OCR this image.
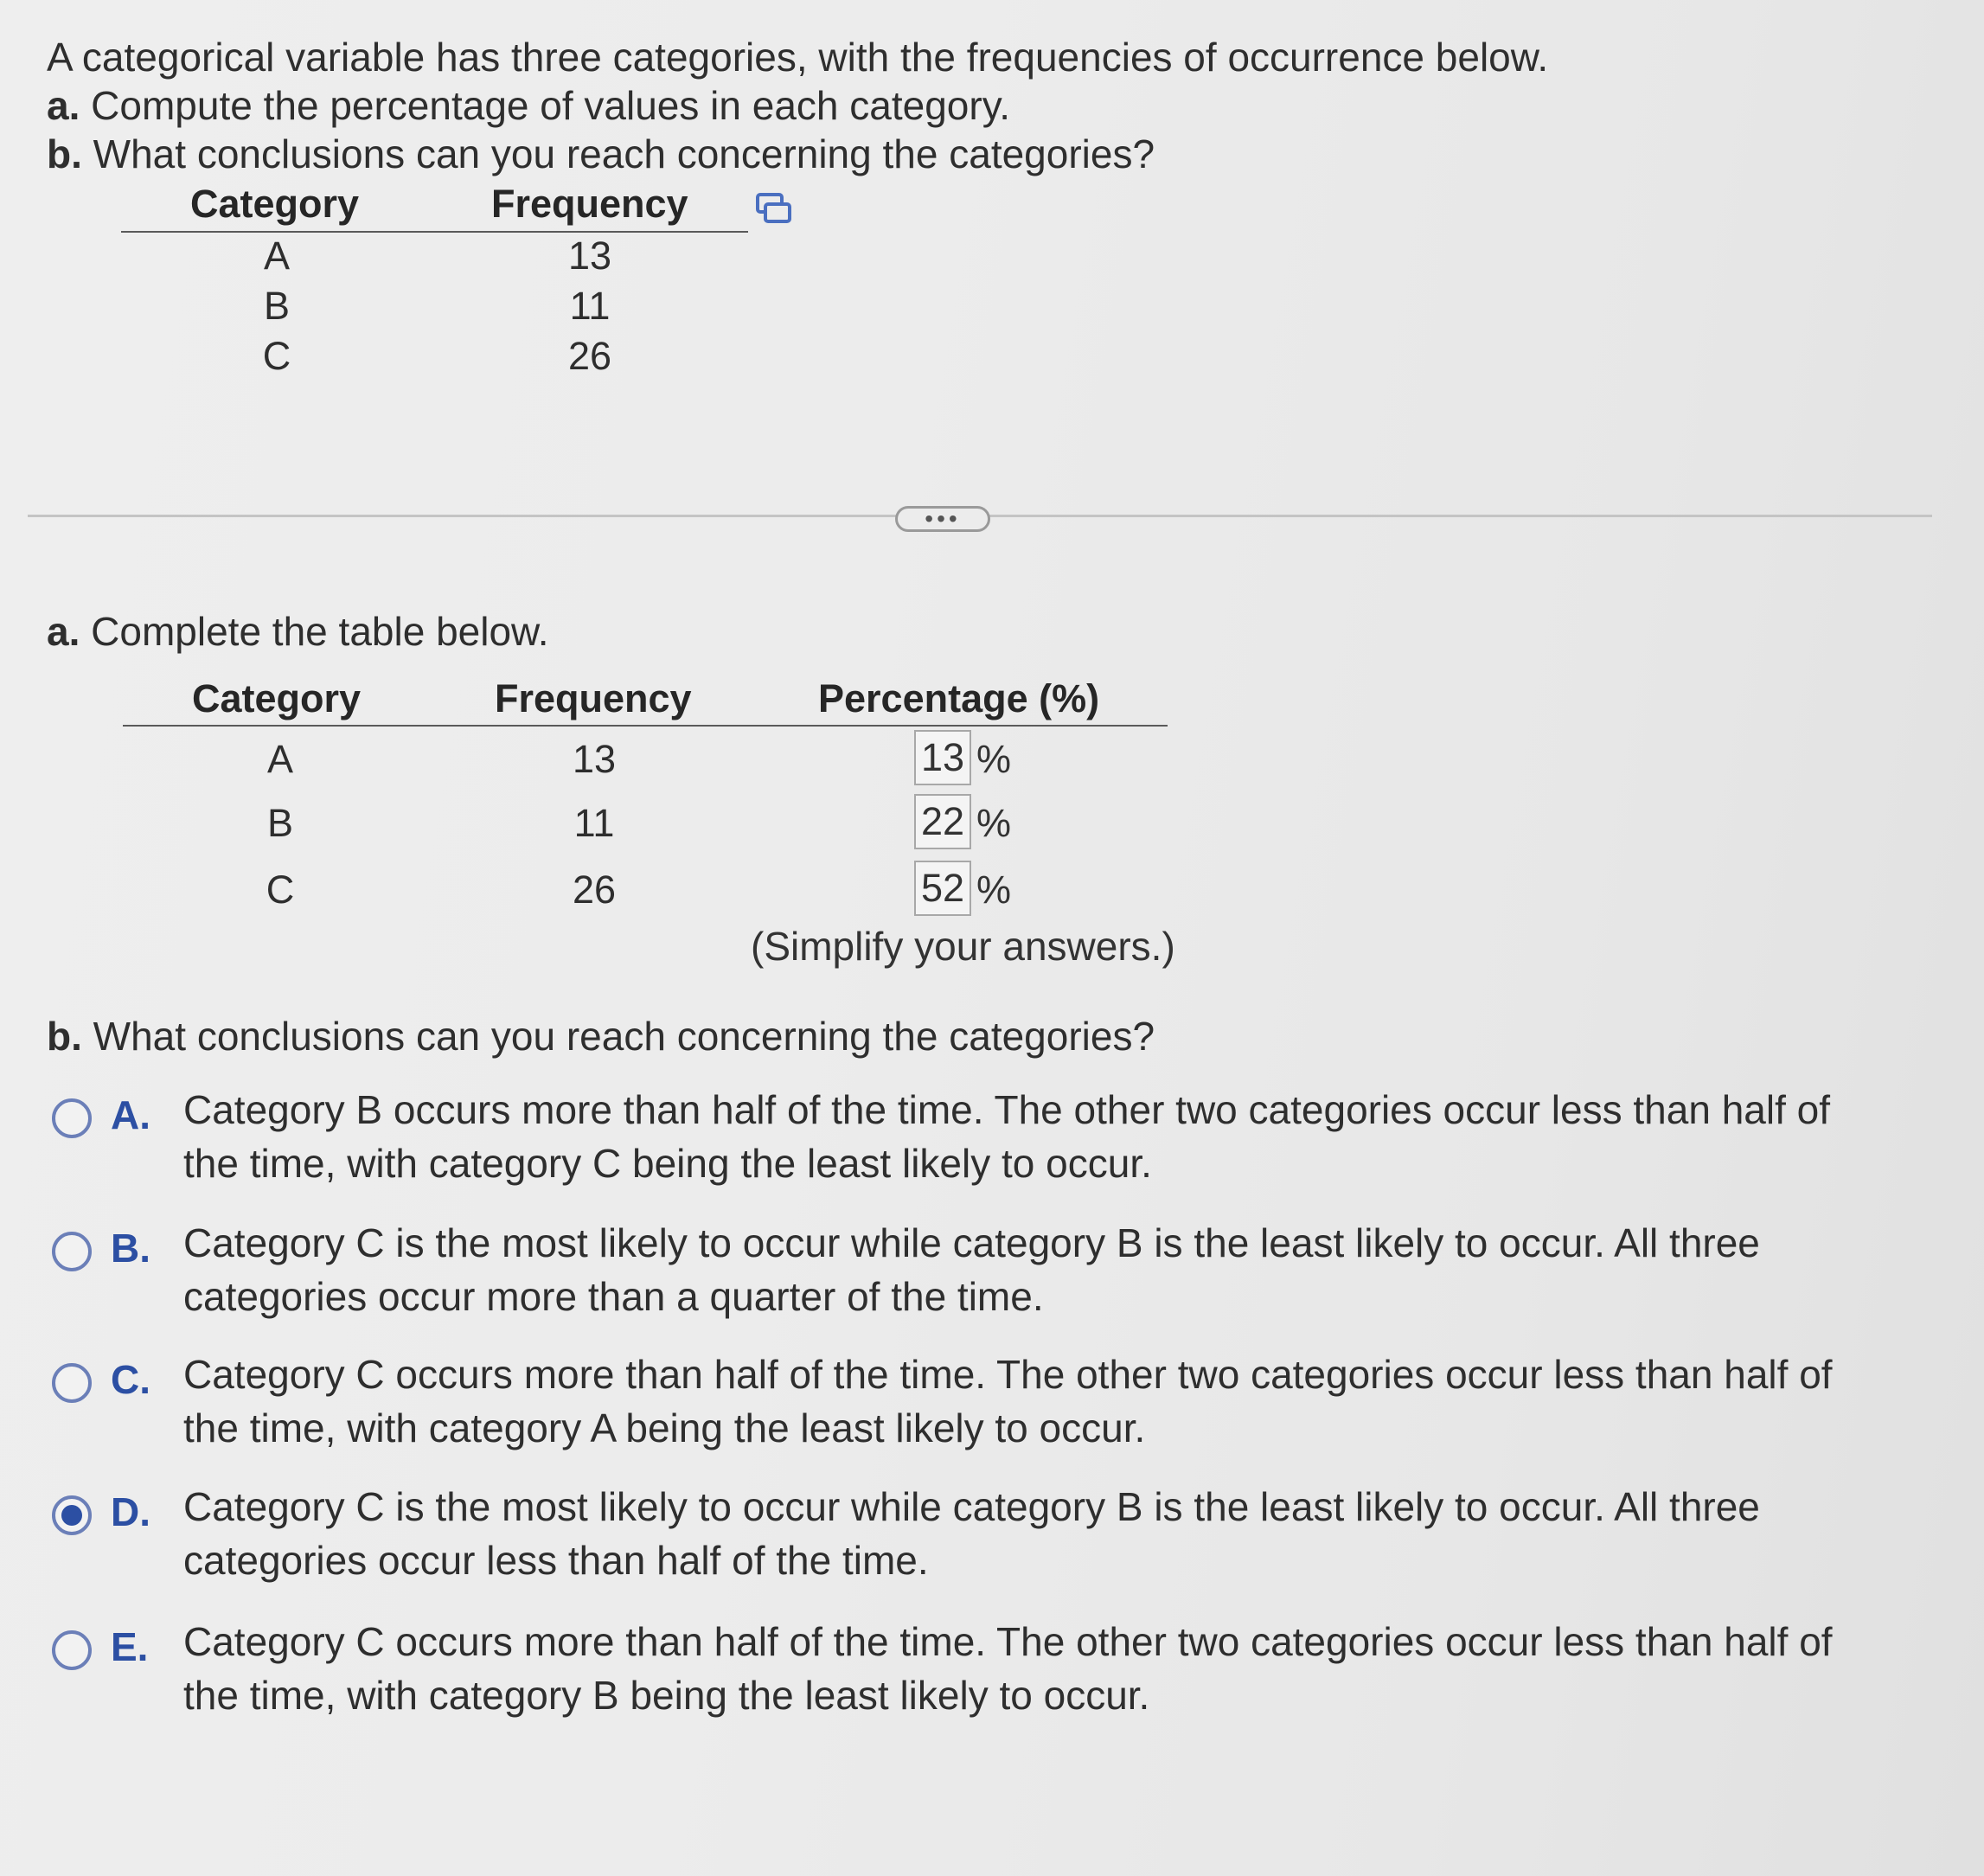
A categorical variable has three categories, with the frequencies of occurrence below.
a. Compute the percentage of values in each category.
b. What conclusions can you reach concerning the categories?
Category	Frequency
A	13
B	11
C	26
•••
a. Complete the table below.
Category	Frequency	Percentage (%)
A	13	13 %
B	11	22 %
C	26	52 %
(Simplify your answers.)
b. What conclusions can you reach concerning the categories?
A. Category B occurs more than half of the time. The other two categories occur less than half of
the time, with category C being the least likely to occur.
B. Category C is the most likely to occur while category B is the least likely to occur. All three
categories occur more than a quarter of the time.
C. Category C occurs more than half of the time. The other two categories occur less than half of
the time, with category A being the least likely to occur.
D. Category C is the most likely to occur while category B is the least likely to occur. All three
categories occur less than half of the time.
E. Category C occurs more than half of the time. The other two categories occur less than half of
the time, with category B being the least likely to occur.
